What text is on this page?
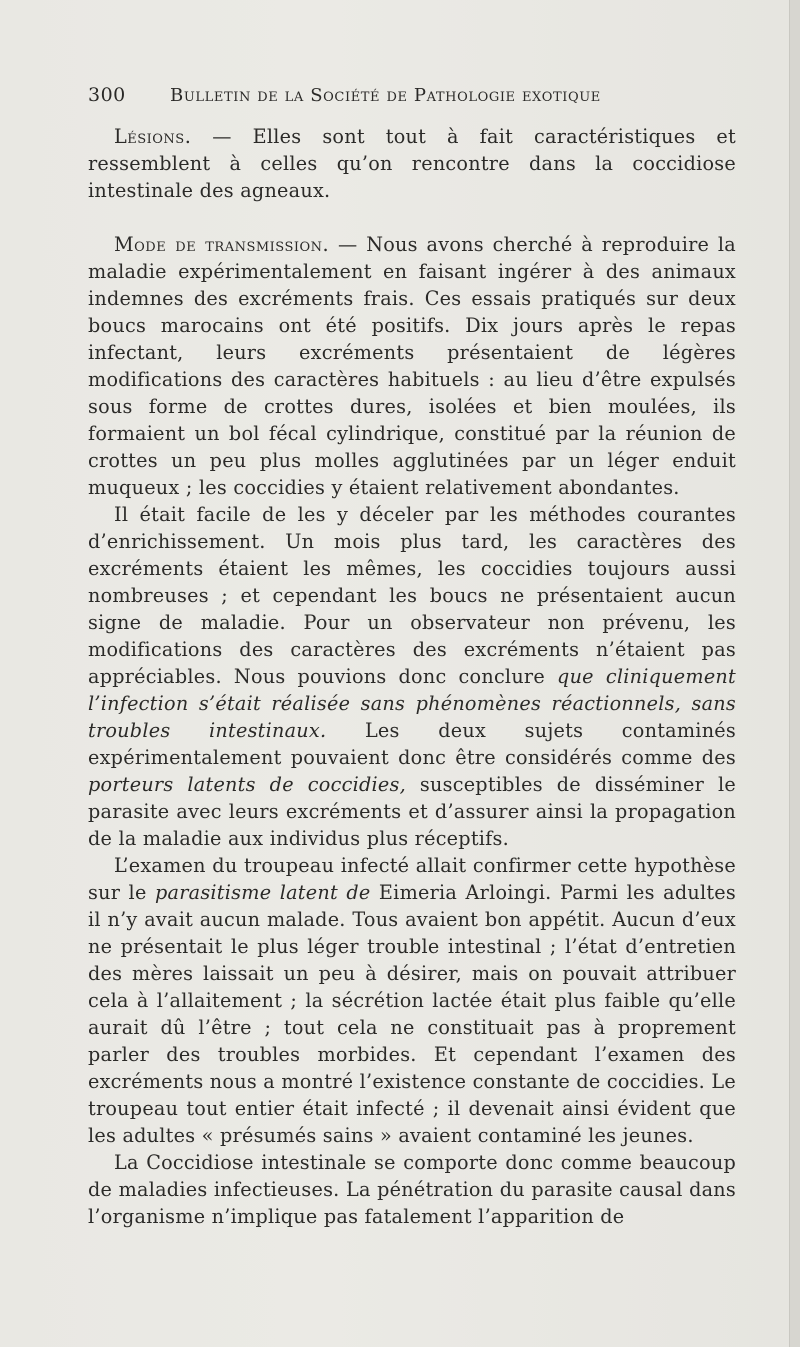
300 Bulletin de la Société de Pathologie exotique

Lésions. — Elles sont tout à fait caractéristiques et ressemblent à celles qu’on rencontre dans la coccidiose intestinale des agneaux.

Mode de transmission. — Nous avons cherché à reproduire la maladie expérimentalement en faisant ingérer à des animaux indemnes des excréments frais. Ces essais pratiqués sur deux boucs marocains ont été positifs. Dix jours après le repas infectant, leurs excréments présentaient de légères modifications des caractères habituels : au lieu d’être expulsés sous forme de crottes dures, isolées et bien moulées, ils formaient un bol fécal cylindrique, constitué par la réunion de crottes un peu plus molles agglutinées par un léger enduit muqueux ; les coccidies y étaient relativement abondantes.

Il était facile de les y déceler par les méthodes courantes d’enrichissement. Un mois plus tard, les caractères des excréments étaient les mêmes, les coccidies toujours aussi nombreuses ; et cependant les boucs ne présentaient aucun signe de maladie. Pour un observateur non prévenu, les modifications des caractères des excréments n’étaient pas appréciables. Nous pouvions donc conclure que cliniquement l’infection s’était réalisée sans phénomènes réactionnels, sans troubles intestinaux. Les deux sujets contaminés expérimentalement pouvaient donc être considérés comme des porteurs latents de coccidies, susceptibles de disséminer le parasite avec leurs excréments et d’assurer ainsi la propagation de la maladie aux individus plus réceptifs.

L’examen du troupeau infecté allait confirmer cette hypothèse sur le parasitisme latent de Eimeria Arloingi. Parmi les adultes il n’y avait aucun malade. Tous avaient bon appétit. Aucun d’eux ne présentait le plus léger trouble intestinal ; l’état d’entretien des mères laissait un peu à désirer, mais on pouvait attribuer cela à l’allaitement ; la sécrétion lactée était plus faible qu’elle aurait dû l’être ; tout cela ne constituait pas à proprement parler des troubles morbides. Et cependant l’examen des excréments nous a montré l’existence constante de coccidies. Le troupeau tout entier était infecté ; il devenait ainsi évident que les adultes « présumés sains » avaient contaminé les jeunes.

La Coccidiose intestinale se comporte donc comme beaucoup de maladies infectieuses. La pénétration du parasite causal dans l’organisme n’implique pas fatalement l’apparition de
